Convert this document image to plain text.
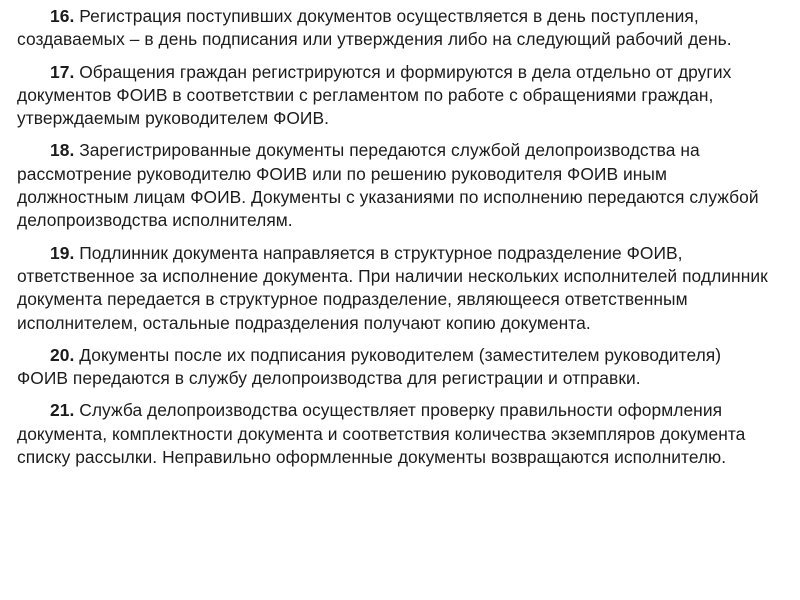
16. Регистрация поступивших документов осуществляется в день поступления, создаваемых – в день подписания или утверждения либо на следующий рабочий день.

17. Обращения граждан регистрируются и формируются в дела отдельно от других документов ФОИВ в соответствии с регламентом по работе с обращениями граждан, утверждаемым руководителем ФОИВ.

18. Зарегистрированные документы передаются службой делопроизводства на рассмотрение руководителю ФОИВ или по решению руководителя ФОИВ иным должностным лицам ФОИВ. Документы с указаниями по исполнению передаются службой делопроизводства исполнителям.

19. Подлинник документа направляется в структурное подразделение ФОИВ, ответственное за исполнение документа. При наличии нескольких исполнителей подлинник документа передается в структурное подразделение, являющееся ответственным исполнителем, остальные подразделения получают копию документа.

20. Документы после их подписания руководителем (заместителем руководителя) ФОИВ передаются в службу делопроизводства для регистрации и отправки.

21. Служба делопроизводства осуществляет проверку правильности оформления документа, комплектности документа и соответствия количества экземпляров документа списку рассылки. Неправильно оформленные документы возвращаются исполнителю.
